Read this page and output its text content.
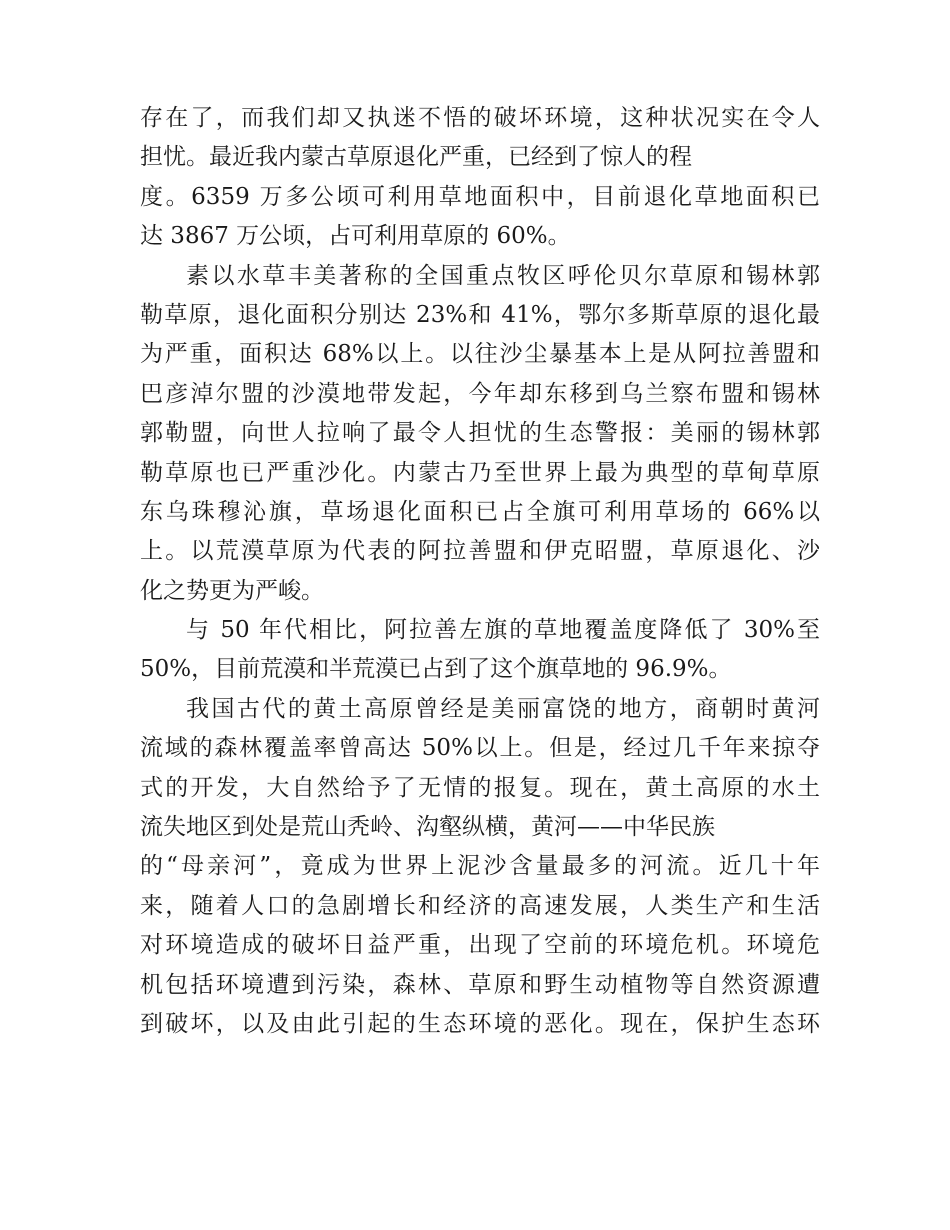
存在了，而我们却又执迷不悟的破坏环境，这种状况实在令人
担忧。最近我内蒙古草原退化严重，已经到了惊人的程
度。6359 万多公顷可利用草地面积中，目前退化草地面积已
达 3867 万公顷，占可利用草原的 60%。
素以水草丰美著称的全国重点牧区呼伦贝尔草原和锡林郭
勒草原，退化面积分别达 23%和 41%，鄂尔多斯草原的退化最
为严重，面积达 68%以上。以往沙尘暴基本上是从阿拉善盟和
巴彦淖尔盟的沙漠地带发起，今年却东移到乌兰察布盟和锡林
郭勒盟，向世人拉响了最令人担忧的生态警报：美丽的锡林郭
勒草原也已严重沙化。内蒙古乃至世界上最为典型的草甸草原
东乌珠穆沁旗，草场退化面积已占全旗可利用草场的 66%以
上。以荒漠草原为代表的阿拉善盟和伊克昭盟，草原退化、沙
化之势更为严峻。
与 50 年代相比，阿拉善左旗的草地覆盖度降低了 30%至
50%，目前荒漠和半荒漠已占到了这个旗草地的 96.9%。
我国古代的黄土高原曾经是美丽富饶的地方，商朝时黄河
流域的森林覆盖率曾高达 50%以上。但是，经过几千年来掠夺
式的开发，大自然给予了无情的报复。现在，黄土高原的水土
流失地区到处是荒山秃岭、沟壑纵横，黄河——中华民族
的“母亲河”，竟成为世界上泥沙含量最多的河流。近几十年
来，随着人口的急剧增长和经济的高速发展，人类生产和生活
对环境造成的破坏日益严重，出现了空前的环境危机。环境危
机包括环境遭到污染，森林、草原和野生动植物等自然资源遭
到破坏，以及由此引起的生态环境的恶化。现在，保护生态环
